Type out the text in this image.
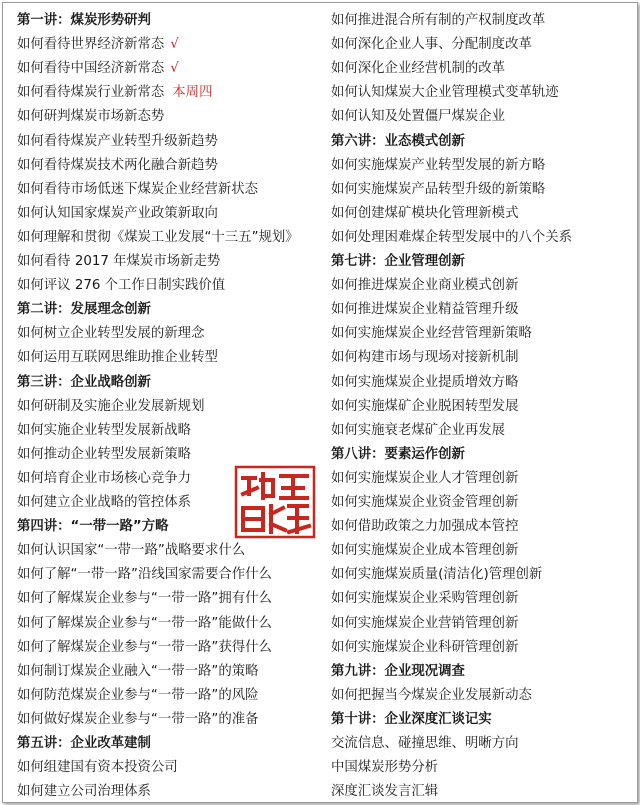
第一讲：煤炭形势研判
如何看待世界经济新常态 √
如何看待中国经济新常态 √
如何看待煤炭行业新常态 本周四
如何研判煤炭市场新态势
如何看待煤炭产业转型升级新趋势
如何看待煤炭技术两化融合新趋势
如何看待市场低迷下煤炭企业经营新状态
如何认知国家煤炭产业政策新取向
如何理解和贯彻《煤炭工业发展“十三五”规划》
如何看待 2017 年煤炭市场新走势
如何评议 276 个工作日制实践价值
第二讲：发展理念创新
如何树立企业转型发展的新理念
如何运用互联网思维助推企业转型
第三讲：企业战略创新
如何研制及实施企业发展新规划
如何实施企业转型发展新战略
如何推动企业转型发展新策略
如何培育企业市场核心竞争力
如何建立企业战略的管控体系
第四讲：“一带一路”方略
如何认识国家“一带一路”战略要求什么
如何了解“一带一路”沿线国家需要合作什么
如何了解煤炭企业参与“一带一路”拥有什么
如何了解煤炭企业参与“一带一路”能做什么
如何了解煤炭企业参与“一带一路”获得什么
如何制订煤炭企业融入“一带一路”的策略
如何防范煤炭企业参与“一带一路”的风险
如何做好煤炭企业参与“一带一路”的准备
第五讲：企业改革建制
如何组建国有资本投资公司
如何建立公司治理体系
如何推进混合所有制的产权制度改革
如何深化企业人事、分配制度改革
如何深化企业经营机制的改革
如何认知煤炭大企业管理模式变革轨迹
如何认知及处置僵尸煤炭企业
第六讲：业态模式创新
如何实施煤炭产业转型发展的新方略
如何实施煤炭产品转型升级的新策略
如何创建煤矿模块化管理新模式
如何处理困难煤企转型发展中的八个关系
第七讲：企业管理创新
如何推进煤炭企业商业模式创新
如何推进煤炭企业精益管理升级
如何实施煤炭企业经营管理新策略
如何构建市场与现场对接新机制
如何实施煤炭企业提质增效方略
如何实施煤矿企业脱困转型发展
如何实施衰老煤矿企业再发展
第八讲：要素运作创新
如何实施煤炭企业人才管理创新
如何实施煤炭企业资金管理创新
如何借助政策之力加强成本管控
如何实施煤炭企业成本管理创新
如何实施煤炭质量(清洁化)管理创新
如何实施煤炭企业采购管理创新
如何实施煤炭企业营销管理创新
如何实施煤炭企业科研管理创新
第九讲：企业现况调查
如何把握当今煤炭企业发展新动态
第十讲：企业深度汇谈记实
交流信息、碰撞思维、明晰方向
中国煤炭形势分析
深度汇谈发言汇辑
